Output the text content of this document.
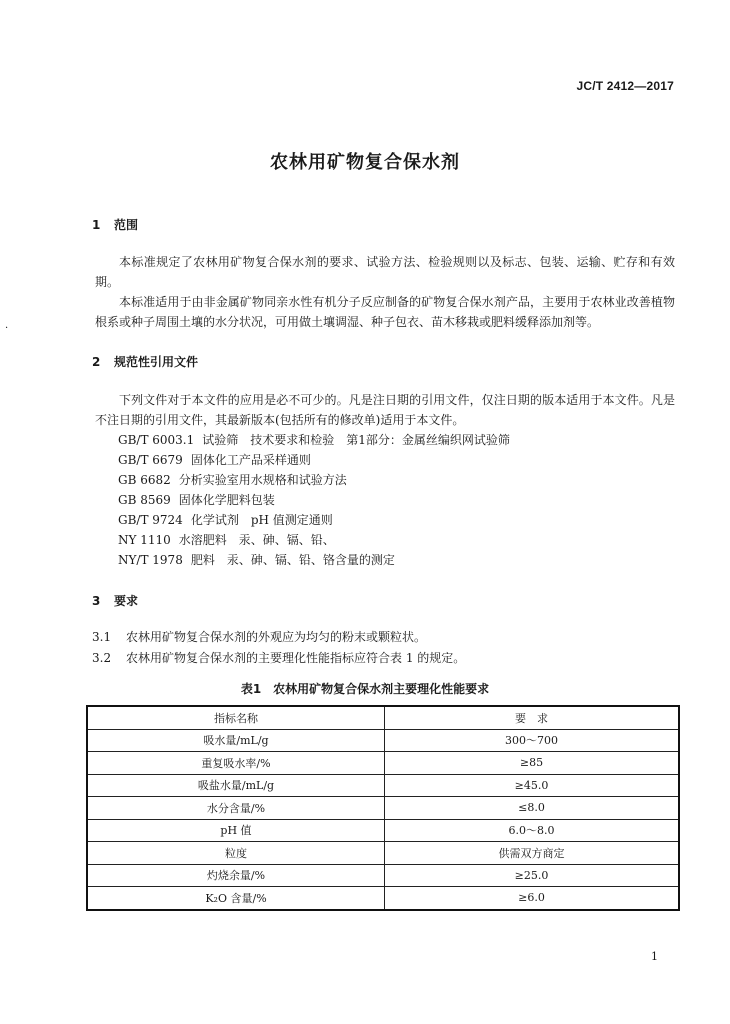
JC/T 2412—2017
农林用矿物复合保水剂
1 范围

本标准规定了农林用矿物复合保水剂的要求、试验方法、检验规则以及标志、包装、运输、贮存和有效期。

本标准适用于由非金属矿物同亲水性有机分子反应制备的矿物复合保水剂产品，主要用于农林业改善植物根系或种子周围土壤的水分状况，可用做土壤调湿、种子包衣、苗木移栽或肥料缓释添加剂等。

·
2 规范性引用文件

下列文件对于本文件的应用是必不可少的。凡是注日期的引用文件，仅注日期的版本适用于本文件。凡是不注日期的引用文件，其最新版本(包括所有的修改单)适用于本文件。

GB/T 6003.1 试验筛　技术要求和检验　第1部分：金属丝编织网试验筛
GB/T 6679 固体化工产品采样通则
GB 6682 分析实验室用水规格和试验方法
GB 8569 固体化学肥料包装
GB/T 9724 化学试剂　pH 值测定通则
NY 1110 水溶肥料　汞、砷、镉、铅、
NY/T 1978 肥料　汞、砷、镉、铅、铬含量的测定
3 要求
3.1 农林用矿物复合保水剂的外观应为均匀的粉末或颗粒状。
3.2 农林用矿物复合保水剂的主要理化性能指标应符合表 1 的规定。
表1　农林用矿物复合保水剂主要理化性能要求
指标名称	要　求
吸水量/mL/g	300～700
重复吸水率/%	≥85
吸盐水量/mL/g	≥45.0
水分含量/%	≤8.0
pH 值	6.0～8.0
粒度	供需双方商定
灼烧余量/%	≥25.0
K₂O 含量/%	≥6.0
1
